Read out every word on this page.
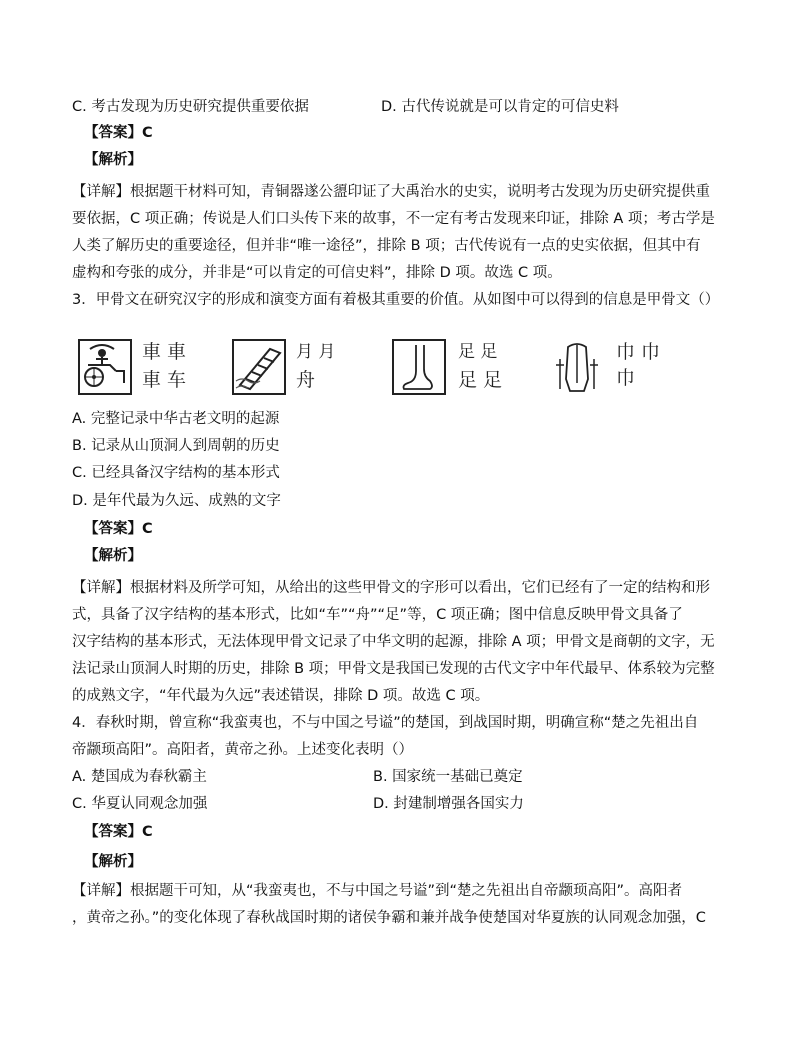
C. 考古发现为历史研究提供重要依据	D. 古代传说就是可以肯定的可信史料
【答案】C
【解析】
【详解】根据题干材料可知，青铜器遂公盨印证了大禹治水的史实，说明考古发现为历史研究提供重
要依据，C 项正确；传说是人们口头传下来的故事，不一定有考古发现来印证，排除 A 项；考古学是
人类了解历史的重要途径，但并非“唯一途径”，排除 B 项；古代传说有一点的史实依据，但其中有
虚构和夸张的成分，并非是“可以肯定的可信史料”，排除 D 项。故选 C 项。
3．甲骨文在研究汉字的形成和演变方面有着极其重要的价值。从如图中可以得到的信息是甲骨文（）
⾞ 車
車 车
月 月
舟
足 足
足 足
巾 巾
巾
A. 完整记录中华古老文明的起源
B. 记录从山顶洞人到周朝的历史
C. 已经具备汉字结构的基本形式
D. 是年代最为久远、成熟的文字
【答案】C
【解析】
【详解】根据材料及所学可知，从给出的这些甲骨文的字形可以看出，它们已经有了一定的结构和形
式，具备了汉字结构的基本形式，比如“车”“舟”“足”等，C 项正确；图中信息反映甲骨文具备了
汉字结构的基本形式，无法体现甲骨文记录了中华文明的起源，排除 A 项；甲骨文是商朝的文字，无
法记录山顶洞人时期的历史，排除 B 项；甲骨文是我国已发现的古代文字中年代最早、体系较为完整
的成熟文字，“年代最为久远”表述错误，排除 D 项。故选 C 项。
4．春秋时期，曾宣称“我蛮夷也，不与中国之号谥”的楚国，到战国时期，明确宣称“楚之先祖出自
帝颛顼高阳”。高阳者，黄帝之孙。上述变化表明（）
A. 楚国成为春秋霸主	B. 国家统一基础已奠定
C. 华夏认同观念加强	D. 封建制增强各国实力
【答案】C
【解析】
【详解】根据题干可知，从“我蛮夷也，不与中国之号谥”到“楚之先祖出自帝颛顼高阳”。高阳者
，黄帝之孙。”的变化体现了春秋战国时期的诸侯争霸和兼并战争使楚国对华夏族的认同观念加强，C
